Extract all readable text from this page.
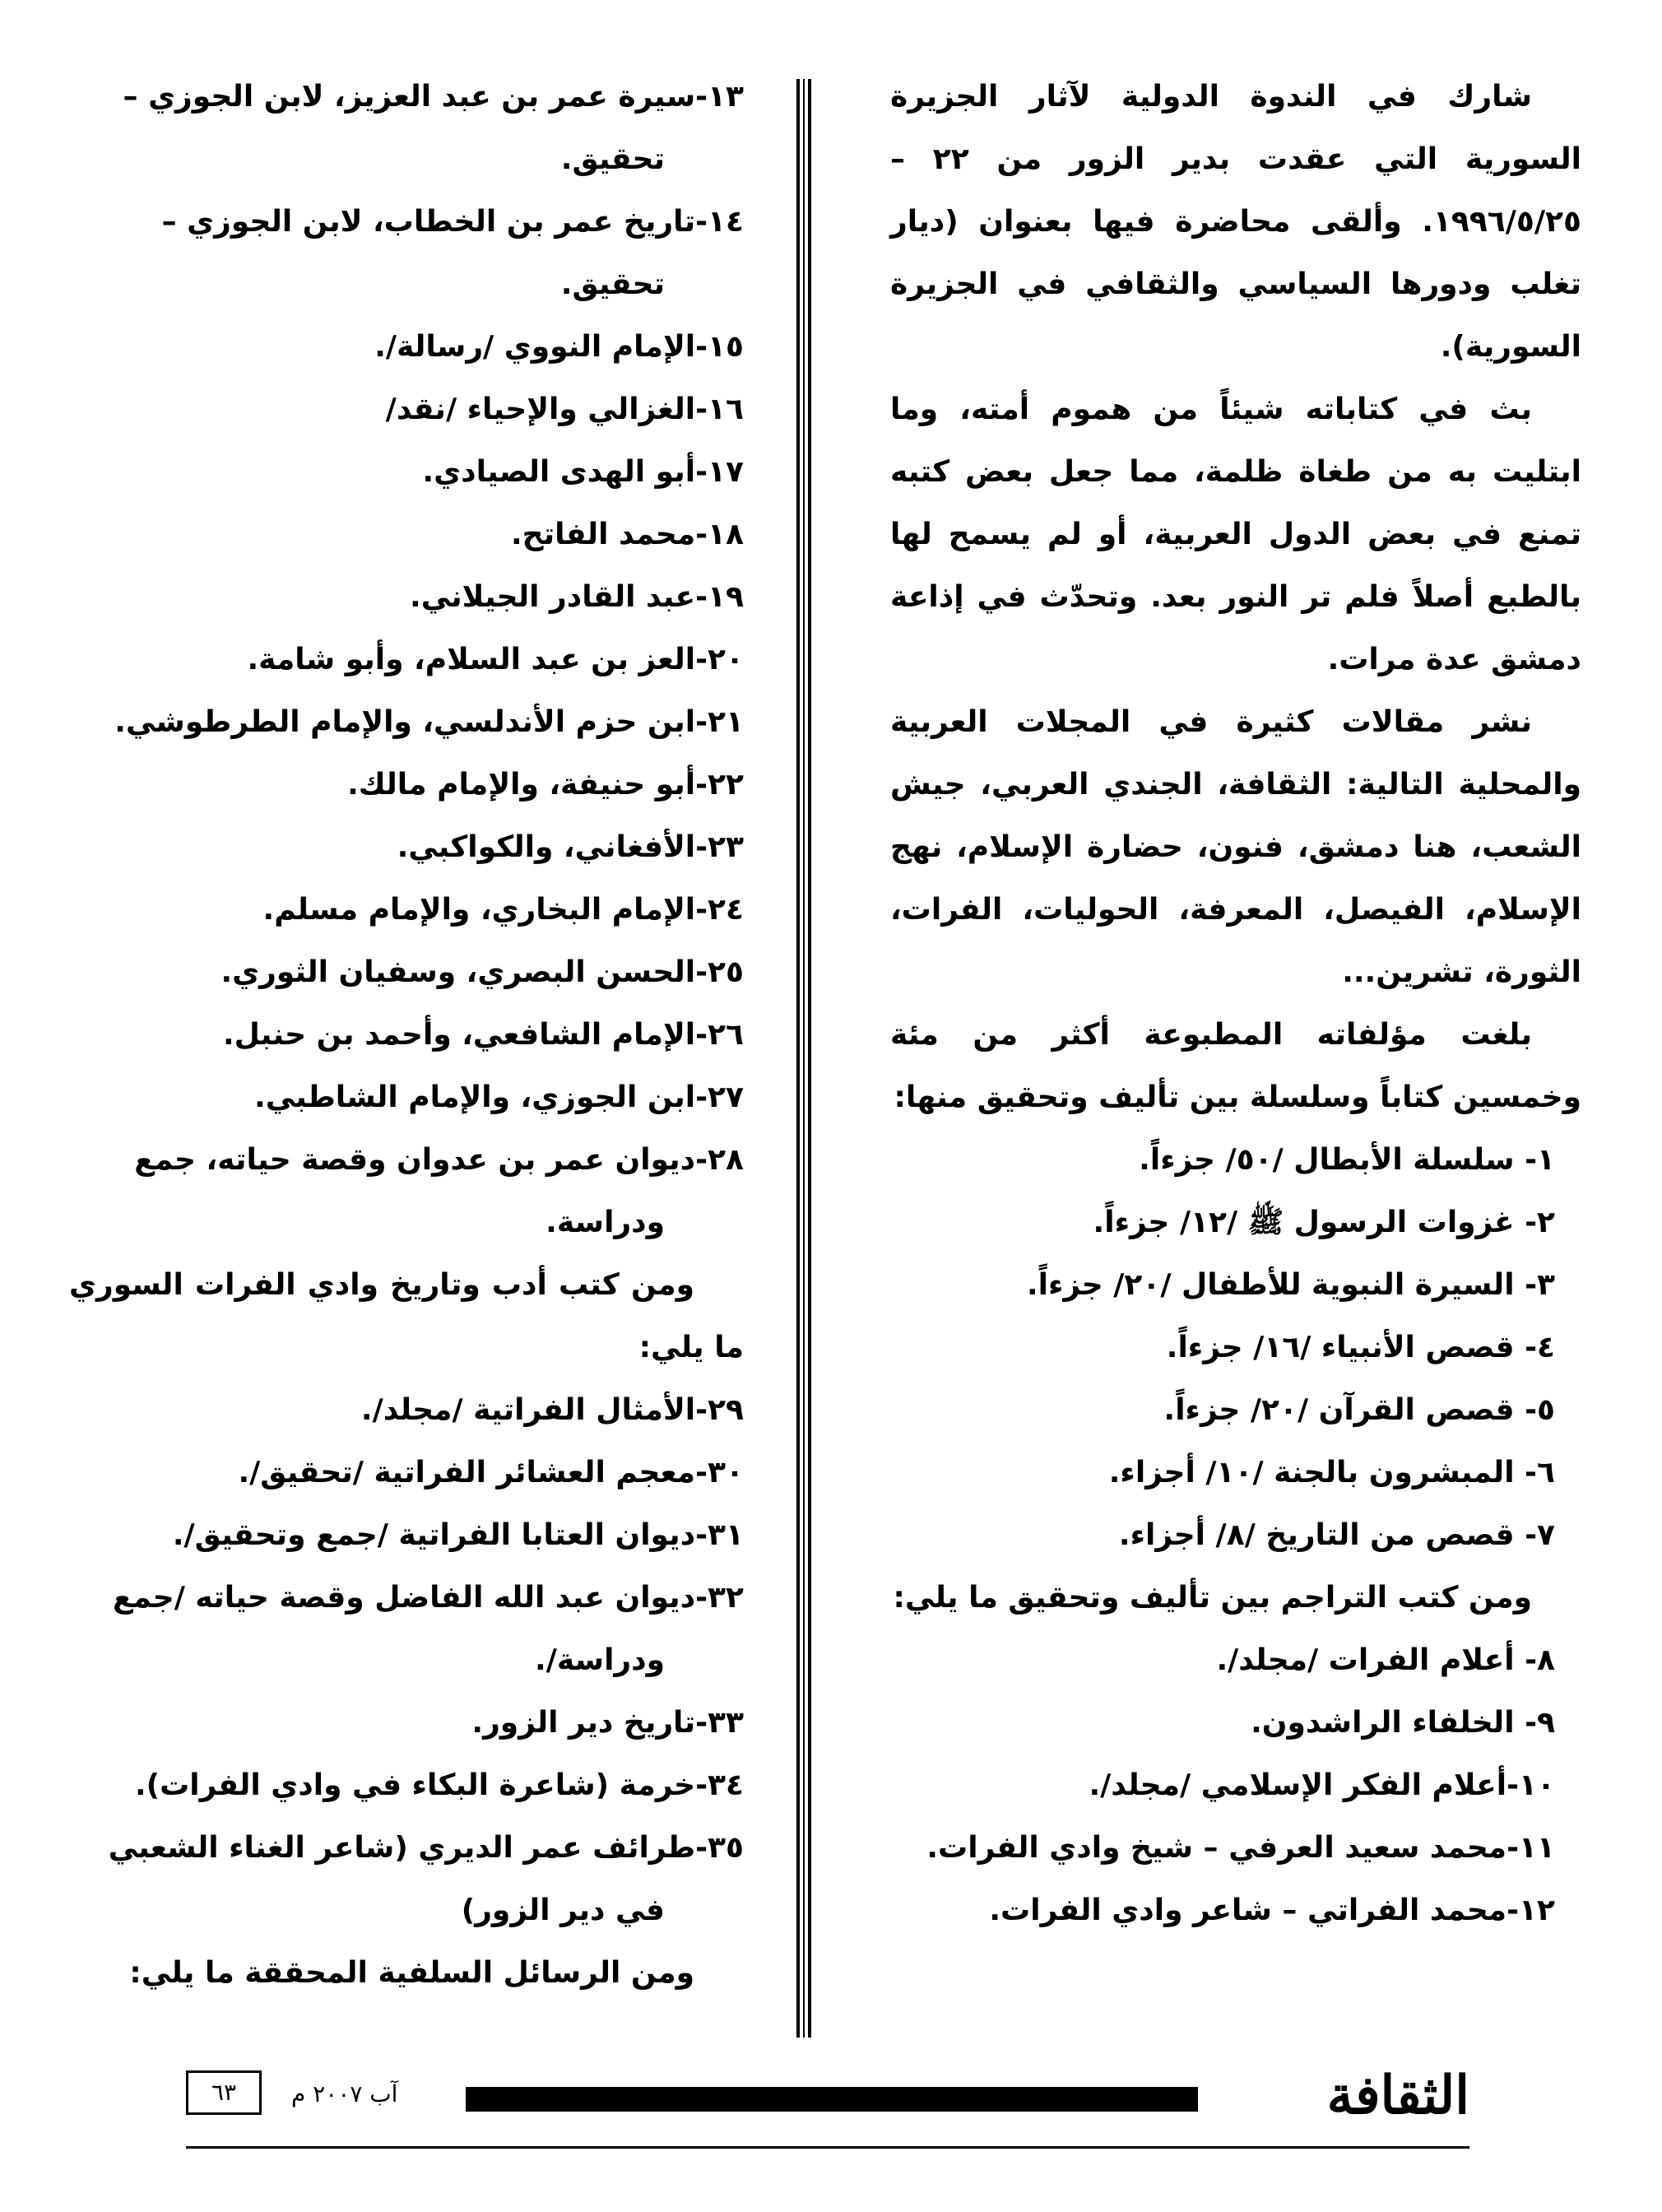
شارك في الندوة الدولية لآثار الجزيرة السورية التي عقدت بدير الزور من ٢٢ – ١٩٩٦/٥/٢٥. وألقى محاضرة فيها بعنوان (ديار تغلب ودورها السياسي والثقافي في الجزيرة السورية).

بث في كتاباته شيئاً من هموم أمته، وما ابتليت به من طغاة ظلمة، مما جعل بعض كتبه تمنع في بعض الدول العربية، أو لم يسمح لها بالطبع أصلاً فلم تر النور بعد. وتحدّث في إذاعة دمشق عدة مرات.

نشر مقالات كثيرة في المجلات العربية والمحلية التالية: الثقافة، الجندي العربي، جيش الشعب، هنا دمشق، فنون، حضارة الإسلام، نهج الإسلام، الفيصل، المعرفة، الحوليات، الفرات، الثورة، تشرين...

بلغت مؤلفاته المطبوعة أكثر من مئة وخمسين كتاباً وسلسلة بين تأليف وتحقيق منها:

١- سلسلة الأبطال /٥٠/ جزءاً.
٢- غزوات الرسول ﷺ /١٢/ جزءاً.
٣- السيرة النبوية للأطفال /٢٠/ جزءاً.
٤- قصص الأنبياء /١٦/ جزءاً.
٥- قصص القرآن /٢٠/ جزءاً.
٦- المبشرون بالجنة /١٠/ أجزاء.
٧- قصص من التاريخ /٨/ أجزاء.

ومن كتب التراجم بين تأليف وتحقيق ما يلي:

٨- أعلام الفرات /مجلد/.
٩- الخلفاء الراشدون.
١٠-أعلام الفكر الإسلامي /مجلد/.
١١-محمد سعيد العرفي – شيخ وادي الفرات.
١٢-محمد الفراتي – شاعر وادي الفرات.
١٣-سيرة عمر بن عبد العزيز، لابن الجوزي –
تحقيق.
١٤-تاريخ عمر بن الخطاب، لابن الجوزي –
تحقيق.
١٥-الإمام النووي /رسالة/.
١٦-الغزالي والإحياء /نقد/
١٧-أبو الهدى الصيادي.
١٨-محمد الفاتح.
١٩-عبد القادر الجيلاني.
٢٠-العز بن عبد السلام، وأبو شامة.
٢١-ابن حزم الأندلسي، والإمام الطرطوشي.
٢٢-أبو حنيفة، والإمام مالك.
٢٣-الأفغاني، والكواكبي.
٢٤-الإمام البخاري، والإمام مسلم.
٢٥-الحسن البصري، وسفيان الثوري.
٢٦-الإمام الشافعي، وأحمد بن حنبل.
٢٧-ابن الجوزي، والإمام الشاطبي.
٢٨-ديوان عمر بن عدوان وقصة حياته، جمع
ودراسة.

ومن كتب أدب وتاريخ وادي الفرات السوري ما يلي:

٢٩-الأمثال الفراتية /مجلد/.
٣٠-معجم العشائر الفراتية /تحقيق/.
٣١-ديوان العتابا الفراتية /جمع وتحقيق/.
٣٢-ديوان عبد الله الفاضل وقصة حياته /جمع
ودراسة/.
٣٣-تاريخ دير الزور.
٣٤-خرمة (شاعرة البكاء في وادي الفرات).
٣٥-طرائف عمر الديري (شاعر الغناء الشعبي
في دير الزور)

ومن الرسائل السلفية المحققة ما يلي:

الثقافة
آب ٢٠٠٧ م
٦٣
